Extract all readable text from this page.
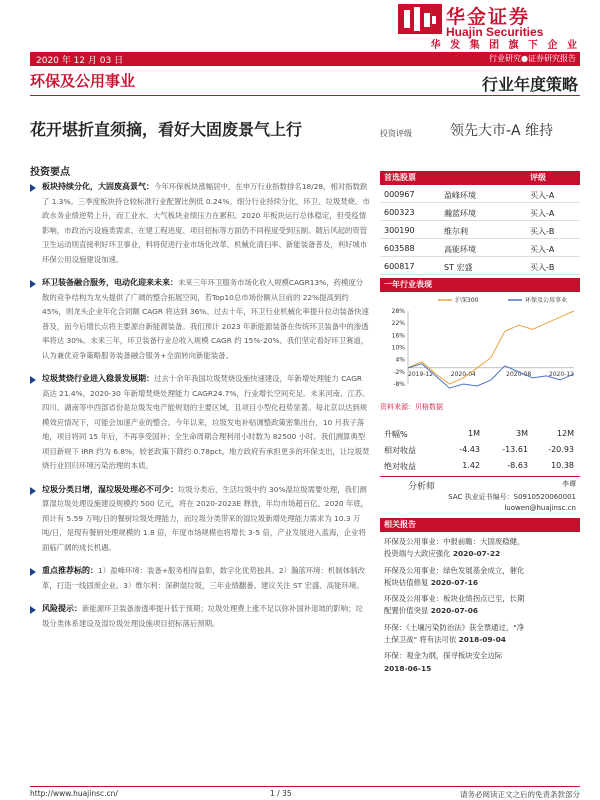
华金证券
Huajin Securities
华 发 集 团 旗 下 企 业
2020 年 12 月 03 日	行业研究●证券研究报告
环保及公用事业	行业年度策略
花开堪折直须摘，看好大固废景气上行
投资要点
板块持续分化，大固废高景气：今年环保板块涨幅居中，在申万行业指数排名18/28，相对指数跌了 1.3%。三季度板块持仓较标准行业配置比例低 0.24%。细分行业持续分化，环卫、垃圾焚烧、市政水务业绩逆势上升，而工业水、大气板块业绩压力在累积。2020 年板块运行总体稳定，但受疫情影响，市政治污设施类需求、在建工程进度、项目招标等方面仍不同程度受到压制。随后风起的资管卫生运动则直接利好环卫事业，料将促进行业市场化改革、机械化清扫率、新能装备普及，利好城市环保公用设施建设加速。
环卫装备融合服务，电动化迎来未来：未来三年环卫服务市场化收入规模CAGR13%，药模度分散的竞争结构为龙头提供了广阔的整合拓展空间，若Top10总市场份额从目前的 22%提高到约 45%，则龙头企业年化合同额 CAGR 将达到 36%。过去十年，环卫行业机械化率提升拉动装备快速普及，而今后增长点将主要源自新能源装备。我们预计 2023 年新能源装备在传统环卫装备中的渗透率将达 30%。未来三年，环卫装备行业总收入规模 CAGR 约 15%-20%。我们坚定看好环卫赛道，认为兼优竞争策略服务装备融合服务+全面转向新能装备。
垃圾焚烧行业进入稳景发展期：过去十余年我国垃圾焚烧设施快速建设，年新增处理能力 CAGR 高达 21.4%，2020-30 年新增焚烧处理能力 CAGR24.7%，行业增长空间充足。未来河南、江苏、四川、湖南等中西部省份是垃圾发电产能规划的主要区域，且项目小型化趋势显著。每北京以达到规模效应情况下，可能会加速产业的整合。今年以来，垃圾发电补贴调整政策密集出台，10 月我子落地，项目将同 15 年后，不再享受国补；全生命周期合理利用小时数为 82500 小时。我们测算典型项目新规下 IRR 约为 6.8%，较老政策下降约 0.78pct。地方政府有承担更多的环保支出，让垃圾焚烧行业回归环境污染治理的本质。
垃圾分类日增，湿垃圾处理必不可少：垃圾分类后，生活垃圾中约 30%湿垃圾需要处理，我们测算湿垃圾处理设施建设规模约 500 亿元，将在 2020-2023E 释放，年均市场超百亿。2020 年底，预计有 5.59 万吨/日的餐厨垃圾处理能力，而垃圾分类带来的湿垃圾新增处理能力需求为 10.3 万吨/日，是现有餐厨处理规模的 1.8 倍，年度市场规模也将增长 3-5 倍，产业发展进入蓝海，企业将面临广阔的成长机遇。
重点推荐标的：1）盈峰环境：装备+服务相得益彰，数字化优势独具。2）瀚蓝环境：机制体制改革，打造一线固废企业。3）维尔利：深耕湿垃圾，三年业绩翻番。建议关注 ST 宏盛、高能环境。
风险提示：新能源环卫装备渗透率提升低于预期；垃圾处理费上涨不足以弥补国补退坡的影响；垃圾分类体系建设及湿垃圾处理设施项目招标落后预期。
投资评级	领先大市-A 维持
首选股票	评级
000967	盈峰环境	买入-A
600323	瀚蓝环境	买入-A
300190	维尔利	买入-B
603588	高能环境	买入-A
600817	ST 宏盛	买入-B
一年行业表现
28%
22%
16%
10%
4%
-2%
-8%
2019-12	2020-04	2020-08	2020-12
沪深300	环保及公用事业
资料来源：贝格数据
升幅%	1M	3M	12M
相对收益	-4.43	-13.61	-20.93
绝对收益	1.42	-8.63	10.38
分析师	李谭
SAC 执业证书编号：S0910520060001
luowen@huajinsc.cn
相关报告

环保及公用事业：中报前瞻：大固废稳健，
投资端与大政应强化 2020-07-22

环保及公用事业：绿色发展基金成立，催化
板块估值修复 2020-07-16

环保及公用事业：板块业绩拐点已至，长期
配置价值突显 2020-07-06

环保：《土壤污染防治法》获全票通过，"净
土保卫战" 将有法可依 2018-09-04

环保：观金为纲，探寻板块安全边际
2018-06-15

http://www.huajinsc.cn/	1 / 35	请务必阅读正文之后的免责条款部分
